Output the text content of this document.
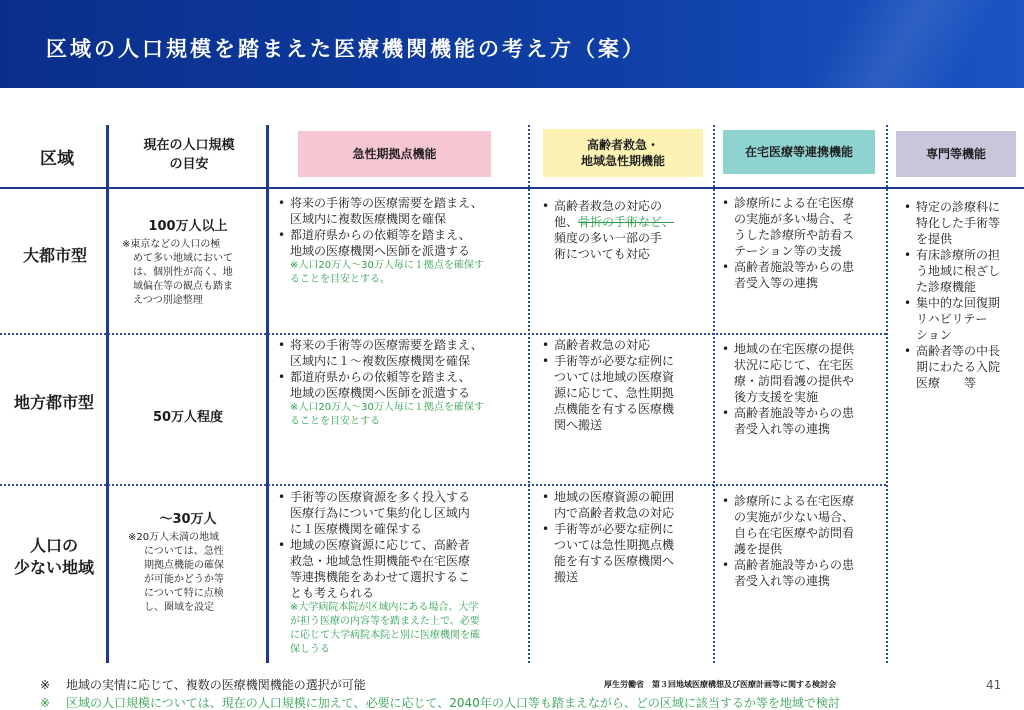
区域の人口規模を踏まえた医療機関機能の考え方（案）
区域
現在の人口規模
の目安
急性期拠点機能
高齢者救急・
地域急性期機能
在宅医療等連携機能	専門等機能
大都市型
地方都市型
人口の
少ない地域
100万人以上
※東京などの人口の極
めて多い地域において
は、個別性が高く、地
域偏在等の観点も踏ま
えつつ別途整理
50万人程度
～30万人
※20万人未満の地域
については、急性
期拠点機能の確保
が可能かどうか等
について特に点検
し、圏域を設定
• 将来の手術等の医療需要を踏まえ、
区域内に複数医療機関を確保
• 都道府県からの依頼等を踏まえ、
地域の医療機関へ医師を派遣する
※人口20万人～30万人毎に１拠点を確保す
ることを目安とする。
• 将来の手術等の医療需要を踏まえ、
区域内に１～複数医療機関を確保
• 都道府県からの依頼等を踏まえ、
地域の医療機関へ医師を派遣する
※人口20万人～30万人毎に１拠点を確保す
ることを目安とする
• 手術等の医療資源を多く投入する
医療行為について集約化し区域内
に１医療機関を確保する
• 地域の医療資源に応じて、高齢者
救急・地域急性期機能や在宅医療
等連携機能をあわせて選択するこ
とも考えられる
※大学病院本院が区域内にある場合、大学
が担う医療の内容等を踏まえた上で、必要
に応じて大学病院本院と別に医療機関を確
保しうる
• 高齢者救急の対応の
他、骨折の手術など、
頻度の多い一部の手
術についても対応
• 高齢者救急の対応
• 手術等が必要な症例に
ついては地域の医療資
源に応じて、急性期拠
点機能を有する医療機
関へ搬送
• 地域の医療資源の範囲
内で高齢者救急の対応
• 手術等が必要な症例に
ついては急性期拠点機
能を有する医療機関へ
搬送
• 診療所による在宅医療
の実施が多い場合、そ
うした診療所や訪看ス
テーション等の支援
• 高齢者施設等からの患
者受入等の連携
• 地域の在宅医療の提供
状況に応じて、在宅医
療・訪問看護の提供や
後方支援を実施
• 高齢者施設等からの患
者受入れ等の連携
• 診療所による在宅医療
の実施が少ない場合、
自ら在宅医療や訪問看
護を提供
• 高齢者施設等からの患
者受入れ等の連携
• 特定の診療科に
特化した手術等
を提供
• 有床診療所の担
う地域に根ざし
た診療機能
• 集中的な回復期
リハビリテー
ション
• 高齢者等の中長
期にわたる入院
医療　　等
※ 地域の実情に応じて、複数の医療機関機能の選択が可能
※ 区域の人口規模については、現在の人口規模に加えて、必要に応じて、2040年の人口等も踏まえながら、どの区域に該当するか等を地域で検討
厚生労働省　第３回地域医療構想及び医療計画等に関する検討会	41
